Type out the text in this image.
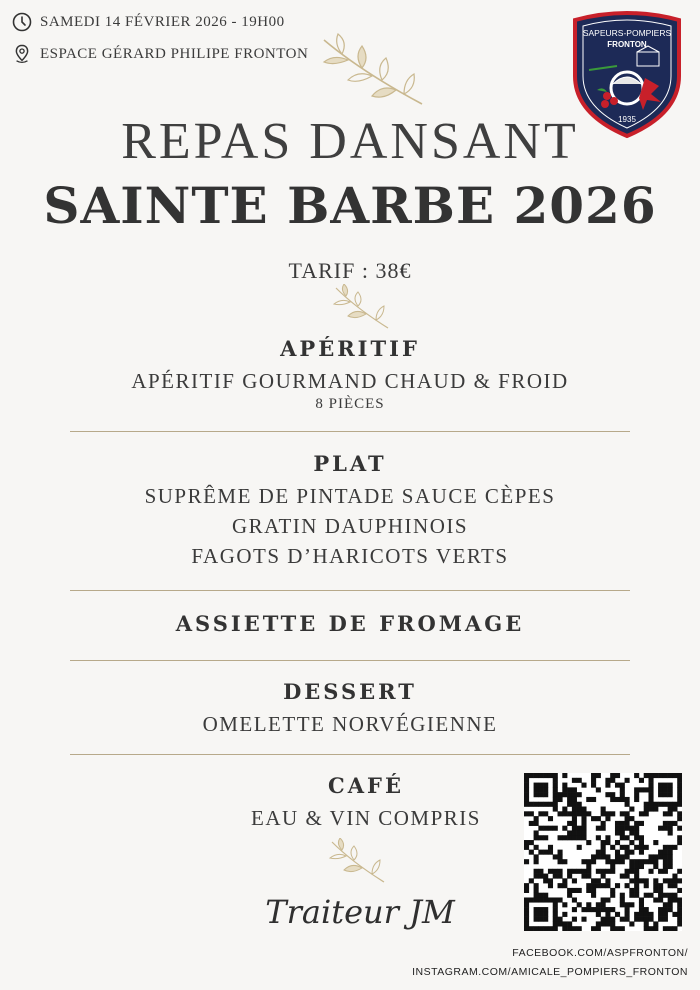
SAMEDI 14 FÉVRIER 2026 - 19H00
ESPACE GÉRARD PHILIPE FRONTON
SAPEURS-POMPIERS
FRONTON
1935
REPAS DANSANT
SAINTE BARBE 2026
TARIF : 38€
APÉRITIF
APÉRITIF GOURMAND CHAUD & FROID
8 PIÈCES
PLAT
SUPRÊME DE PINTADE SAUCE CÈPES
GRATIN DAUPHINOIS
FAGOTS D’HARICOTS VERTS
ASSIETTE DE FROMAGE
DESSERT
OMELETTE NORVÉGIENNE
CAFÉ
EAU & VIN COMPRIS
Traiteur JM
FACEBOOK.COM/ASPFRONTON/
INSTAGRAM.COM/AMICALE_POMPIERS_FRONTON
